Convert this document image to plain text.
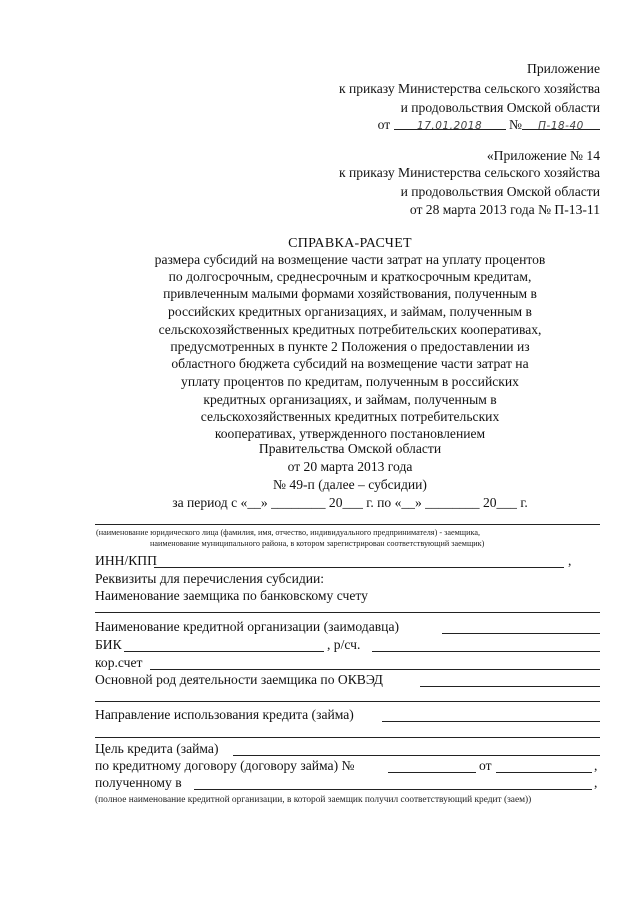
Приложение
к приказу Министерства сельского хозяйства
и продовольствия Омской области
от	17.01.2018 № П-18-40
«Приложение № 14
к приказу Министерства сельского хозяйства
и продовольствия Омской области
от 28 марта 2013 года № П-13-11
СПРАВКА-РАСЧЕТ
размера субсидий на возмещение части затрат на уплату процентов
по долгосрочным, среднесрочным и краткосрочным кредитам,
привлеченным малыми формами хозяйствования, полученным в
российских кредитных организациях, и займам, полученным в
сельскохозяйственных кредитных потребительских кооперативах,
предусмотренных в пункте 2 Положения о предоставлении из
областного бюджета субсидий на возмещение части затрат на
уплату процентов по кредитам, полученным в российских
кредитных организациях, и займам, полученным в
сельскохозяйственных кредитных потребительских
кооперативах, утвержденного постановлением
Правительства Омской области
от 20 марта 2013 года
№ 49-п (далее – субсидии)
за период с «__» ________ 20___ г. по «__» ________ 20___ г.
(наименование юридического лица (фамилия, имя, отчество, индивидуального предпринимателя) - заемщика,
наименование муниципального района, в котором зарегистрирован соответствующий заемщик)
ИНН/КПП	,
Реквизиты для перечисления субсидии:
Наименование заемщика по банковскому счету
Наименование кредитной организации (заимодавца)
БИК	, р/сч.
кор.счет
Основной род деятельности заемщика по ОКВЭД
Направление использования кредита (займа)
Цель кредита (займа)
по кредитному договору (договору займа) №	от	,
полученному в	,
(полное наименование кредитной организации, в которой заемщик получил соответствующий кредит (заем))
